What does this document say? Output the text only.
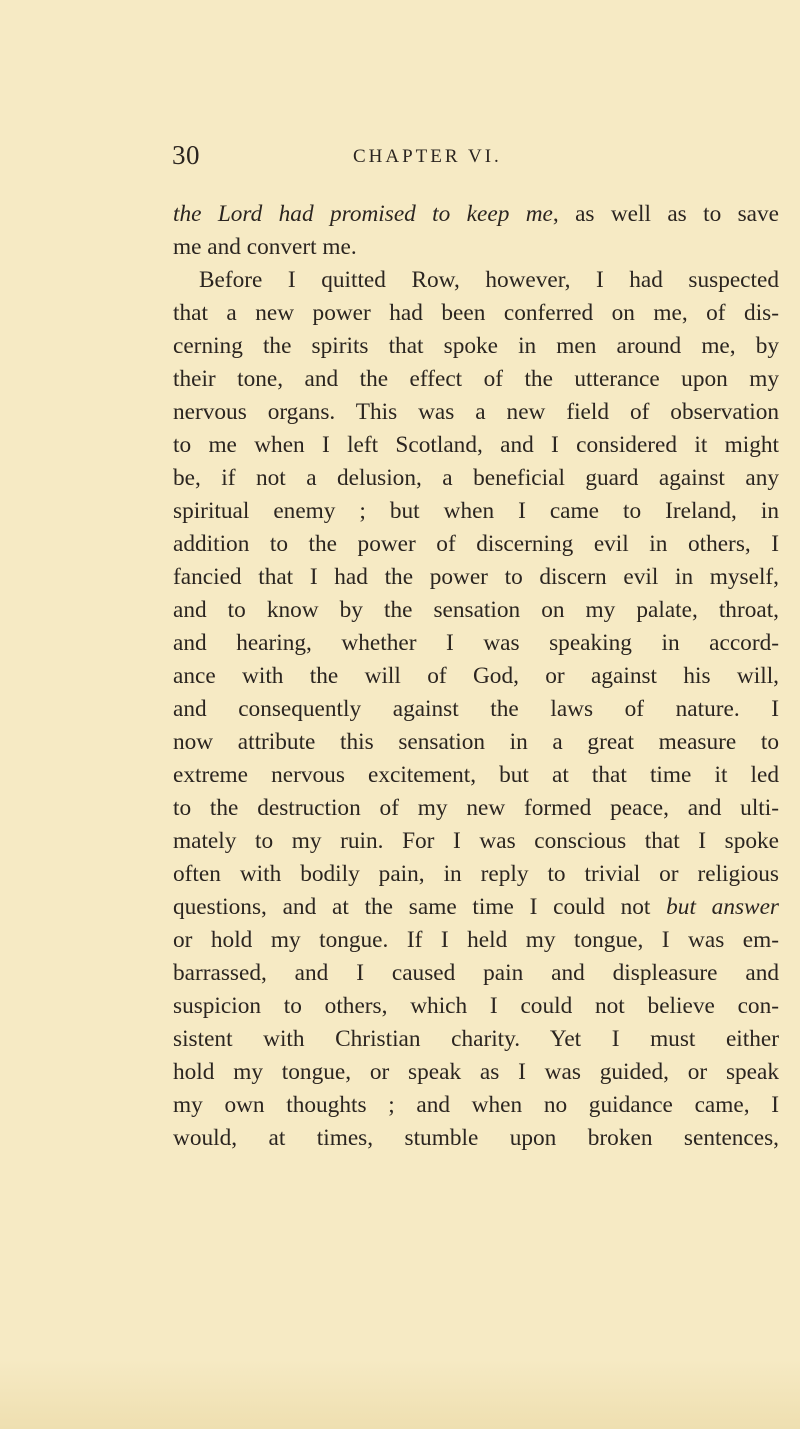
30	CHAPTER VI.
the Lord had promised to keep me, as well as to save
me and convert me.
Before I quitted Row, however, I had suspected
that a new power had been conferred on me, of dis-
cerning the spirits that spoke in men around me, by
their tone, and the effect of the utterance upon my
nervous organs. This was a new field of observation
to me when I left Scotland, and I considered it might
be, if not a delusion, a beneficial guard against any
spiritual enemy ; but when I came to Ireland, in
addition to the power of discerning evil in others, I
fancied that I had the power to discern evil in myself,
and to know by the sensation on my palate, throat,
and hearing, whether I was speaking in accord-
ance with the will of God, or against his will,
and consequently against the laws of nature. I
now attribute this sensation in a great measure to
extreme nervous excitement, but at that time it led
to the destruction of my new formed peace, and ulti-
mately to my ruin. For I was conscious that I spoke
often with bodily pain, in reply to trivial or religious
questions, and at the same time I could not but answer
or hold my tongue. If I held my tongue, I was em-
barrassed, and I caused pain and displeasure and
suspicion to others, which I could not believe con-
sistent with Christian charity. Yet I must either
hold my tongue, or speak as I was guided, or speak
my own thoughts ; and when no guidance came, I
would, at times, stumble upon broken sentences,
